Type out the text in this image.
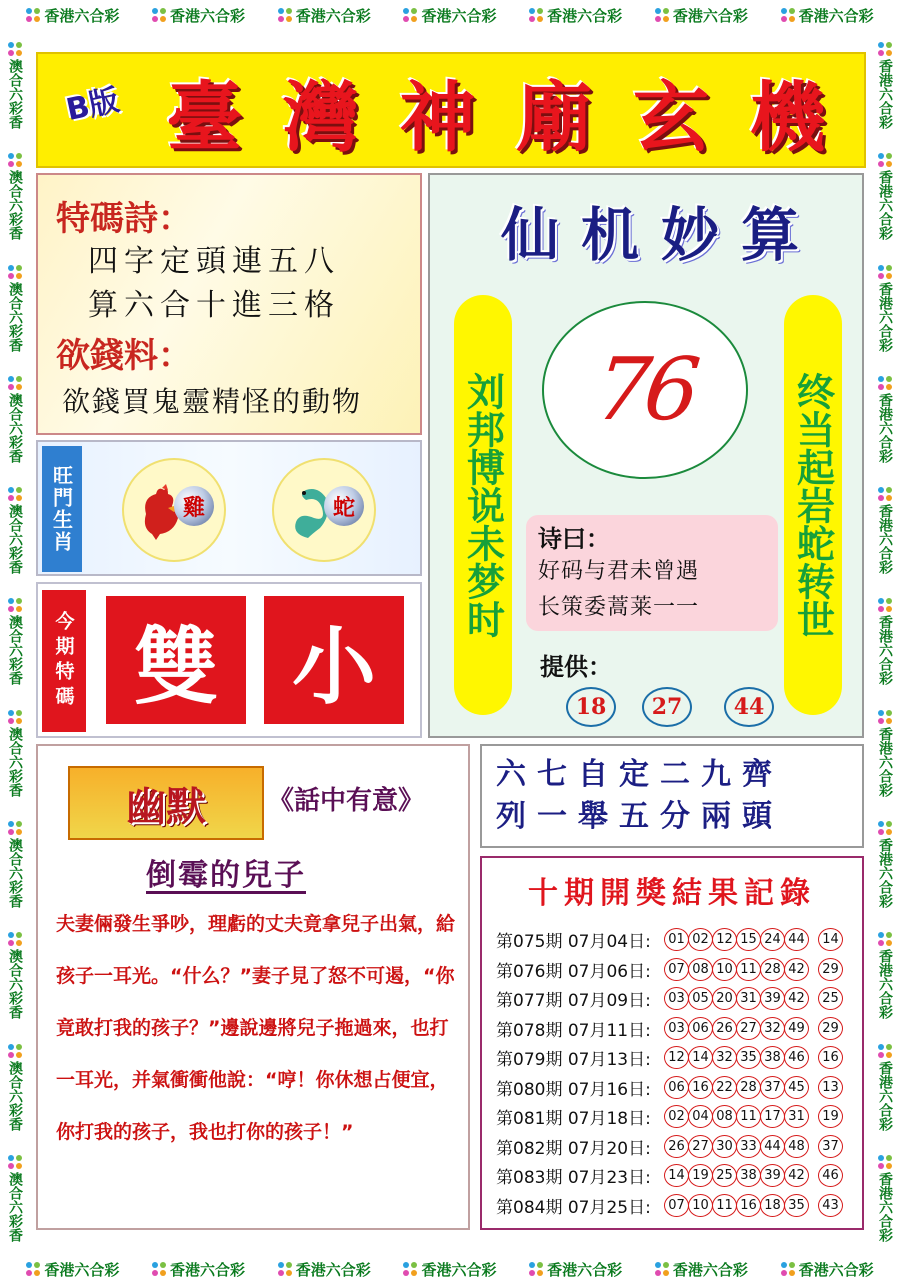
香港六合彩	香港六合彩	香港六合彩	香港六合彩	香港六合彩	香港六合彩	香港六合彩
香港六合彩	香港六合彩	香港六合彩	香港六合彩	香港六合彩	香港六合彩	香港六合彩
澳合六彩香
澳合六彩香
澳合六彩香
澳合六彩香
澳合六彩香
澳合六彩香
澳合六彩香
澳合六彩香
澳合六彩香
澳合六彩香
澳合六彩香
香港六合彩
香港六合彩
香港六合彩
香港六合彩
香港六合彩
香港六合彩
香港六合彩
香港六合彩
香港六合彩
香港六合彩
香港六合彩
B版 臺 灣 神 廟 玄 機
特碼詩：
四字定頭連五八
算六合十進三格
欲錢料：
欲錢買鬼靈精怪的動物
旺門生肖	雞	蛇
今期特碼 雙 小
仙 机 妙 算
刘邦博说未梦时	终当起岩蛇转世
76
诗曰：
好码与君未曾遇
长策委蒿莱一一
提供：
18	27	44
幽默	《話中有意》
倒霉的兒子
夫妻倆發生爭吵，理虧的丈夫竟拿兒子出氣，給孩子一耳光。“什么？”妻子見了怒不可遏，“你竟敢打我的孩子？”邊說邊將兒子拖過來，也打一耳光，并氣衝衝他說：“哼！你休想占便宜，你打我的孩子，我也打你的孩子！”
六七自定二九齊
列一舉五分兩頭
十期開獎結果記錄
第075期 07月04日:	01 02 12 15 24 44	14
第076期 07月06日:	07 08 10 11 28 42	29
第077期 07月09日:	03 05 20 31 39 42	25
第078期 07月11日:	03 06 26 27 32 49	29
第079期 07月13日:	12 14 32 35 38 46	16
第080期 07月16日:	06 16 22 28 37 45	13
第081期 07月18日:	02 04 08 11 17 31	19
第082期 07月20日:	26 27 30 33 44 48	37
第083期 07月23日:	14 19 25 38 39 42	46
第084期 07月25日:	07 10 11 16 18 35	43
